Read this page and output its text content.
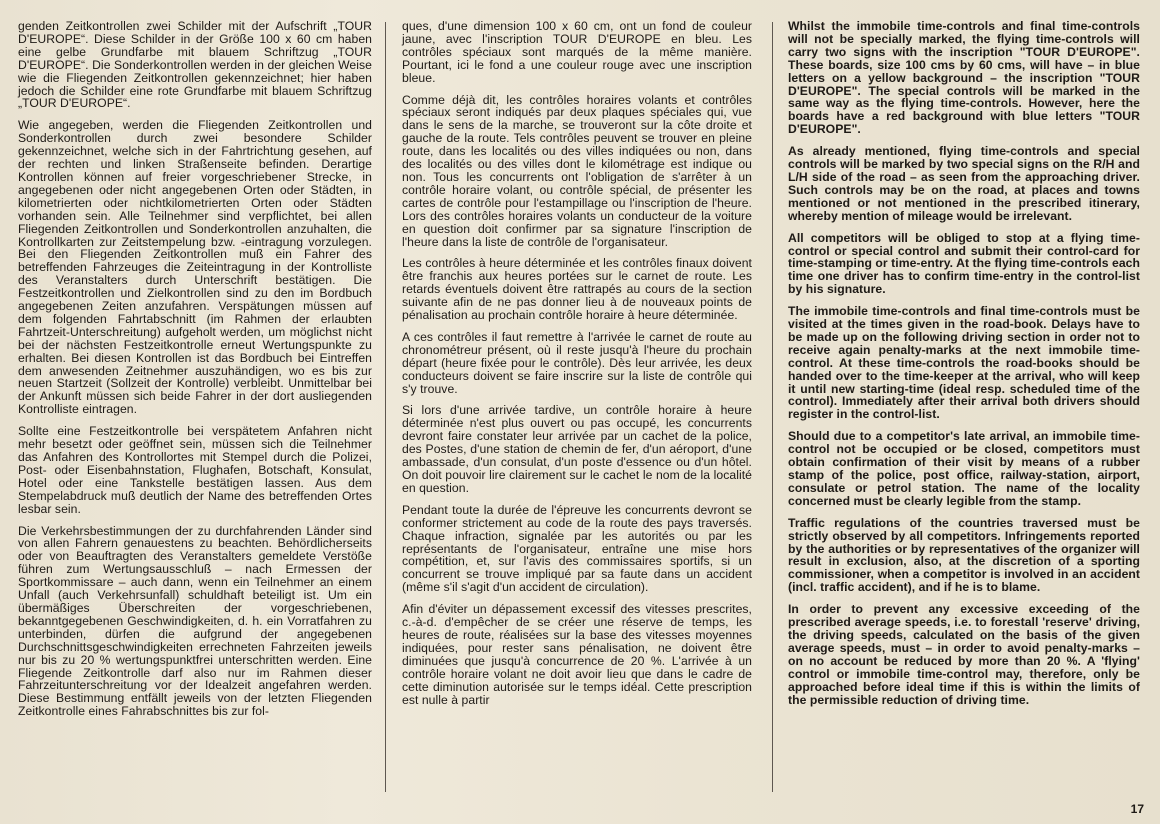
genden Zeitkontrollen zwei Schilder mit der Aufschrift „TOUR D'EUROPE“. Diese Schilder in der Größe 100 x 60 cm haben eine gelbe Grundfarbe mit blauem Schriftzug „TOUR D'EUROPE“. Die Sonderkontrollen werden in der gleichen Weise wie die Fliegenden Zeitkontrollen gekennzeichnet; hier haben jedoch die Schilder eine rote Grundfarbe mit blauem Schriftzug „TOUR D'EUROPE“.

Wie angegeben, werden die Fliegenden Zeitkontrollen und Sonderkontrollen durch zwei besondere Schilder gekennzeichnet, welche sich in der Fahrtrichtung gesehen, auf der rechten und linken Straßenseite befinden. Derartige Kontrollen können auf freier vorgeschriebener Strecke, in angegebenen oder nicht angegebenen Orten oder Städten, in kilometrierten oder nichtkilometrierten Orten oder Städten vorhanden sein. Alle Teilnehmer sind verpflichtet, bei allen Fliegenden Zeitkontrollen und Sonderkontrollen anzuhalten, die Kontrollkarten zur Zeitstempelung bzw. -eintragung vorzulegen. Bei den Fliegenden Zeitkontrollen muß ein Fahrer des betreffenden Fahrzeuges die Zeiteintragung in der Kontrolliste des Veranstalters durch Unterschrift bestätigen. Die Festzeitkontrollen und Zielkontrollen sind zu den im Bordbuch angegebenen Zeiten anzufahren. Verspätungen müssen auf dem folgenden Fahrtabschnitt (im Rahmen der erlaubten Fahrtzeit-Unterschreitung) aufgeholt werden, um möglichst nicht bei der nächsten Festzeitkontrolle erneut Wertungspunkte zu erhalten. Bei diesen Kontrollen ist das Bordbuch bei Eintreffen dem anwesenden Zeitnehmer auszuhändigen, wo es bis zur neuen Startzeit (Sollzeit der Kontrolle) verbleibt. Unmittelbar bei der Ankunft müssen sich beide Fahrer in der dort ausliegenden Kontrolliste eintragen.

Sollte eine Festzeitkontrolle bei verspätetem Anfahren nicht mehr besetzt oder geöffnet sein, müssen sich die Teilnehmer das Anfahren des Kontrollortes mit Stempel durch die Polizei, Post- oder Eisenbahnstation, Flughafen, Botschaft, Konsulat, Hotel oder eine Tankstelle bestätigen lassen. Aus dem Stempelabdruck muß deutlich der Name des betreffenden Ortes lesbar sein.

Die Verkehrsbestimmungen der zu durchfahrenden Länder sind von allen Fahrern genauestens zu beachten. Behördlicherseits oder von Beauftragten des Veranstalters gemeldete Verstöße führen zum Wertungsausschluß – nach Ermessen der Sportkommissare – auch dann, wenn ein Teilnehmer an einem Unfall (auch Verkehrsunfall) schuldhaft beteiligt ist. Um ein übermäßiges Überschreiten der vorgeschriebenen, bekanntgegebenen Geschwindigkeiten, d. h. ein Vorratfahren zu unterbinden, dürfen die aufgrund der angegebenen Durchschnittsgeschwindigkeiten errechneten Fahrzeiten jeweils nur bis zu 20 % wertungspunktfrei unterschritten werden. Eine Fliegende Zeitkontrolle darf also nur im Rahmen dieser Fahrzeitunterschreitung vor der Idealzeit angefahren werden. Diese Bestimmung entfällt jeweils von der letzten Fliegenden Zeitkontrolle eines Fahrabschnittes bis zur fol-

ques, d'une dimension 100 x 60 cm, ont un fond de couleur jaune, avec l'inscription TOUR D'EUROPE en bleu. Les contrôles spéciaux sont marqués de la même manière. Pourtant, ici le fond a une couleur rouge avec une inscription bleue.

Comme déjà dit, les contrôles horaires volants et contrôles spéciaux seront indiqués par deux plaques spéciales qui, vue dans le sens de la marche, se trouveront sur la côte droite et gauche de la route. Tels contrôles peuvent se trouver en pleine route, dans les localités ou des villes indiquées ou non, dans des localités ou des villes dont le kilométrage est indique ou non. Tous les concurrents ont l'obligation de s'arrêter à un contrôle horaire volant, ou contrôle spécial, de présenter les cartes de contrôle pour l'estampillage ou l'inscription de l'heure. Lors des contrôles horaires volants un conducteur de la voiture en question doit confirmer par sa signature l'inscription de l'heure dans la liste de contrôle de l'organisateur.

Les contrôles à heure déterminée et les contrôles finaux doivent être franchis aux heures portées sur le carnet de route. Les retards éventuels doivent être rattrapés au cours de la section suivante afin de ne pas donner lieu à de nouveaux points de pénalisation au prochain contrôle horaire à heure déterminée.

A ces contrôles il faut remettre à l'arrivée le carnet de route au chronométreur présent, où il reste jusqu'à l'heure du prochain départ (heure fixée pour le contrôle). Dès leur arrivée, les deux conducteurs doivent se faire inscrire sur la liste de contrôle qui s'y trouve.

Si lors d'une arrivée tardive, un contrôle horaire à heure déterminée n'est plus ouvert ou pas occupé, les concurrents devront faire constater leur arrivée par un cachet de la police, des Postes, d'une station de chemin de fer, d'un aéroport, d'une ambassade, d'un consulat, d'un poste d'essence ou d'un hôtel. On doit pouvoir lire clairement sur le cachet le nom de la localité en question.

Pendant toute la durée de l'épreuve les concurrents devront se conformer strictement au code de la route des pays traversés. Chaque infraction, signalée par les autorités ou par les représentants de l'organisateur, entraîne une mise hors compétition, et, sur l'avis des commissaires sportifs, si un concurrent se trouve impliqué par sa faute dans un accident (même s'il s'agit d'un accident de circulation).

Afin d'éviter un dépassement excessif des vitesses prescrites, c.-à-d. d'empêcher de se créer une réserve de temps, les heures de route, réalisées sur la base des vitesses moyennes indiquées, pour rester sans pénalisation, ne doivent être diminuées que jusqu'à concurrence de 20 %. L'arrivée à un contrôle horaire volant ne doit avoir lieu que dans le cadre de cette diminution autorisée sur le temps idéal. Cette prescription est nulle à partir

Whilst the immobile time-controls and final time-controls will not be specially marked, the flying time-controls will carry two signs with the inscription "TOUR D'EUROPE". These boards, size 100 cms by 60 cms, will have – in blue letters on a yellow background – the inscription "TOUR D'EUROPE". The special controls will be marked in the same way as the flying time-controls. However, here the boards have a red background with blue letters "TOUR D'EUROPE".

As already mentioned, flying time-controls and special controls will be marked by two special signs on the R/H and L/H side of the road – as seen from the approaching driver. Such controls may be on the road, at places and towns mentioned or not mentioned in the prescribed itinerary, whereby mention of mileage would be irrelevant.

All competitors will be obliged to stop at a flying time-control or special control and submit their control-card for time-stamping or time-entry. At the flying time-controls each time one driver has to confirm time-entry in the control-list by his signature.

The immobile time-controls and final time-controls must be visited at the times given in the road-book. Delays have to be made up on the following driving section in order not to receive again penalty-marks at the next immobile time-control. At these time-controls the road-books should be handed over to the time-keeper at the arrival, who will keep it until new starting-time (ideal resp. scheduled time of the control). Immediately after their arrival both drivers should register in the control-list.

Should due to a competitor's late arrival, an immobile time-control not be occupied or be closed, competitors must obtain confirmation of their visit by means of a rubber stamp of the police, post office, railway-station, airport, consulate or petrol station. The name of the locality concerned must be clearly legible from the stamp.

Traffic regulations of the countries traversed must be strictly observed by all competitors. Infringements reported by the authorities or by representatives of the organizer will result in exclusion, also, at the discretion of a sporting commissioner, when a competitor is involved in an accident (incl. traffic accident), and if he is to blame.

In order to prevent any excessive exceeding of the prescribed average speeds, i.e. to forestall 'reserve' driving, the driving speeds, calculated on the basis of the given average speeds, must – in order to avoid penalty-marks – on no account be reduced by more than 20 %. A 'flying' control or immobile time-control may, therefore, only be approached before ideal time if this is within the limits of the permissible reduction of driving time.

17
